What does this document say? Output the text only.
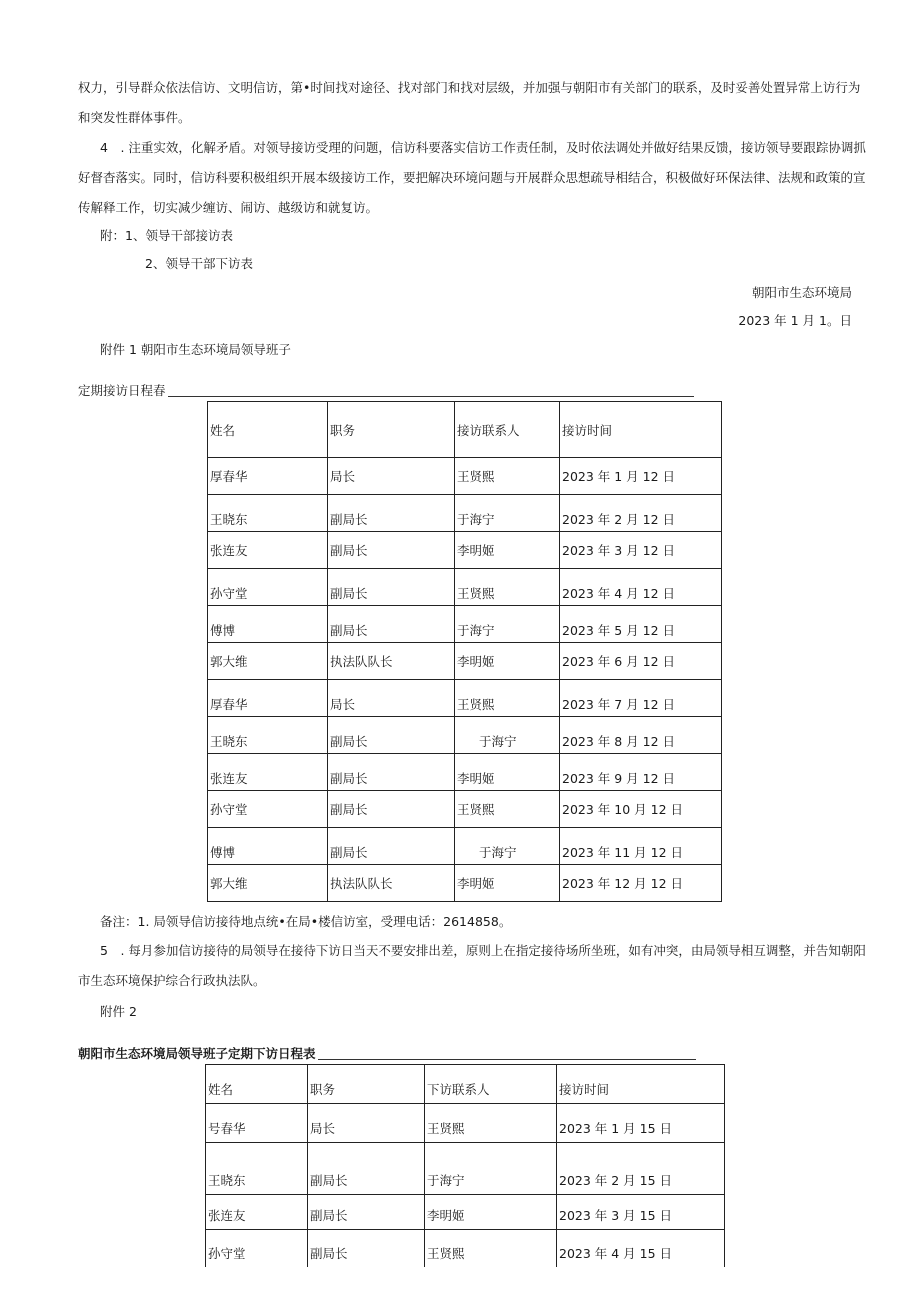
权力，引导群众依法信访、文明信访，第•时间找对途径、找对部门和找对层级，并加强与朝阳市有关部门的联系，及时妥善处置异常上访行为

和突发性群体事件。

4　. 注重实效，化解矛盾。对领导接访受理的问题，信访科要落实信访工作责任制，及时依法调处并做好结果反馈，接访领导要跟踪协调抓

好督杳落实。同时，信访科要积极组织开展本级接访工作，要把解决环境问题与开展群众思想疏导相结合，积极做好环保法律、法规和政策的宣

传解释工作，切实减少缠访、闹访、越级访和就复访。

附：1、领导干部接访表

2、领导干部下访表

朝阳市生态环境局

2023 年 1 月 1。日

附件 1 朝阳市生态环境局领导班子

定期接访日程春

姓名	职务	接访联系人	接访时间
厚春华	局长	王贤熙	2023 年 1 月 12 日
王晓东	副局长	于海宁	2023 年 2 月 12 日
张连友	副局长	李明姬	2023 年 3 月 12 日
孙守堂	副局长	王贤熙	2023 年 4 月 12 日
傅博	副局长	于海宁	2023 年 5 月 12 日
郭大维	执法队队长	李明姬	2023 年 6 月 12 日
厚春华	局长	王贤熙	2023 年 7 月 12 日
王晓东	副局长	于海宁	2023 年 8 月 12 日
张连友	副局长	李明姬	2023 年 9 月 12 日
孙守堂	副局长	王贤熙	2023 年 10 月 12 日
傅博	副局长	于海宁	2023 年 11 月 12 日
郭大维	执法队队长	李明姬	2023 年 12 月 12 日

备注：1. 局领导信访接待地点统•在局•楼信访室，受理电话：2614858。

5　. 每月参加信访接待的局领导在接待下访日当天不要安排出差，原则上在指定接待场所坐班，如有冲突，由局领导相互调整，并告知朝阳

市生态环境保护综合行政执法队。

附件 2

朝阳市生态环境局领导班子定期下访日程表

姓名	职务	下访联系人	接访时间
号春华	局长	王贤熙	2023 年 1 月 15 日
王晓东	副局长	于海宁	2023 年 2 月 15 日
张连友	副局长	李明姬	2023 年 3 月 15 日
孙守堂	副局长	王贤熙	2023 年 4 月 15 日
